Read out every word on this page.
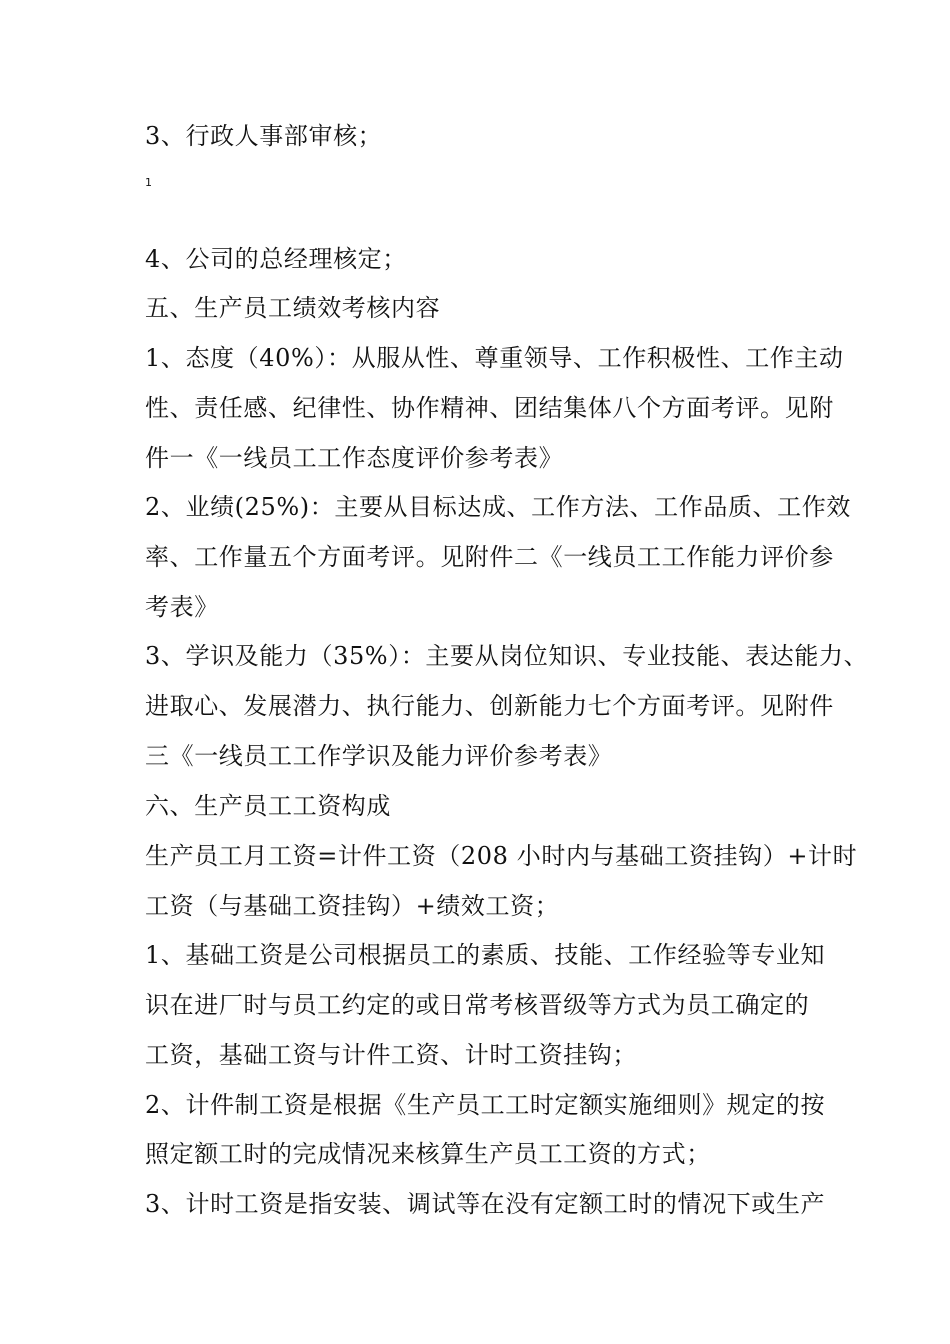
3、行政人事部审核；
1
4、公司的总经理核定；
五、生产员工绩效考核内容
1、态度（40%）：从服从性、尊重领导、工作积极性、工作主动
性、责任感、纪律性、协作精神、团结集体八个方面考评。见附
件一《一线员工工作态度评价参考表》
2、业绩(25%)：主要从目标达成、工作方法、工作品质、工作效
率、工作量五个方面考评。见附件二《一线员工工作能力评价参
考表》
3、学识及能力（35%）：主要从岗位知识、专业技能、表达能力、
进取心、发展潜力、执行能力、创新能力七个方面考评。见附件
三《一线员工工作学识及能力评价参考表》
六、生产员工工资构成
生产员工月工资=计件工资（208 小时内与基础工资挂钩）+计时
工资（与基础工资挂钩）+绩效工资；
1、基础工资是公司根据员工的素质、技能、工作经验等专业知
识在进厂时与员工约定的或日常考核晋级等方式为员工确定的
工资，基础工资与计件工资、计时工资挂钩；
2、计件制工资是根据《生产员工工时定额实施细则》规定的按
照定额工时的完成情况来核算生产员工工资的方式；
3、计时工资是指安装、调试等在没有定额工时的情况下或生产
